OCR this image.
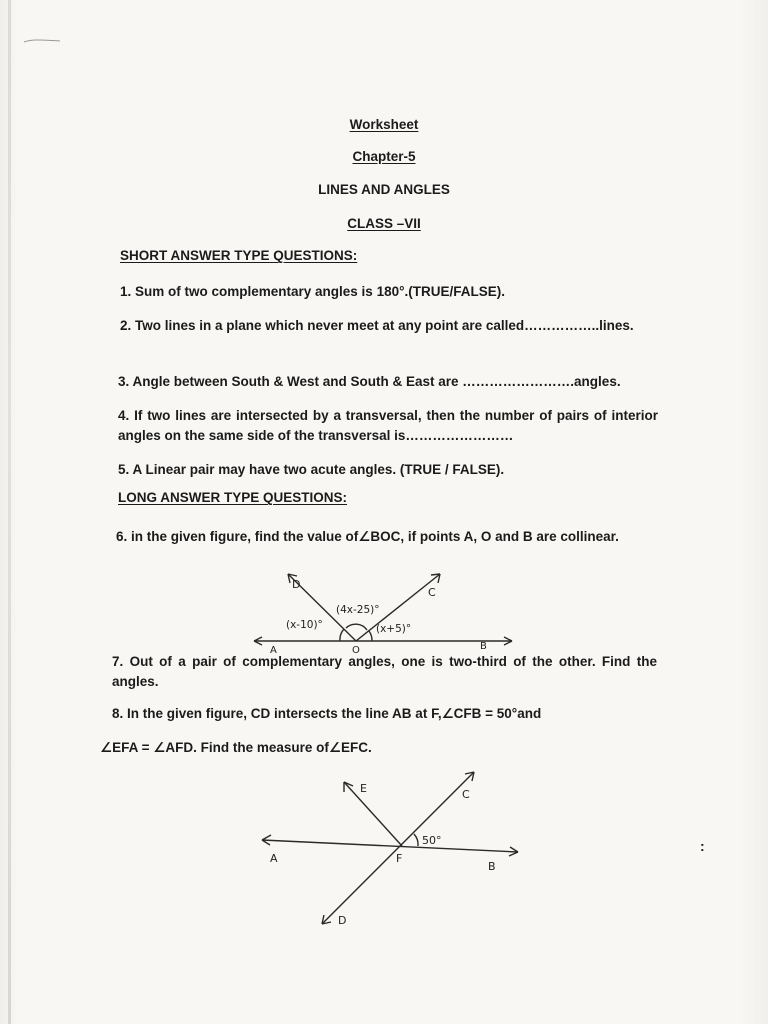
Worksheet
Chapter-5
LINES AND ANGLES
CLASS –VII
SHORT ANSWER TYPE QUESTIONS:
1. Sum of two complementary angles is 180°.(TRUE/FALSE).
2. Two lines in a plane which never meet at any point are called……………..lines.
3. Angle between South & West and South & East are …………………….angles.
4. If two lines are intersected by a transversal, then the number of pairs of interior angles on the same side of the transversal is……………………
5. A Linear pair may have two acute angles. (TRUE / FALSE).
LONG ANSWER TYPE QUESTIONS:
6. in the given figure, find the value of∠BOC, if points A, O and B are collinear.
D
C
A	O	B
(x-10)°
(4x-25)°
(x+5)°
7. Out of a pair of complementary angles, one is two-third of the other. Find the angles.
8. In the given figure, CD intersects the line AB at F,∠CFB = 50°and
∠EFA = ∠AFD. Find the measure of∠EFC.
E	C
A	F
B
D
50°	:
